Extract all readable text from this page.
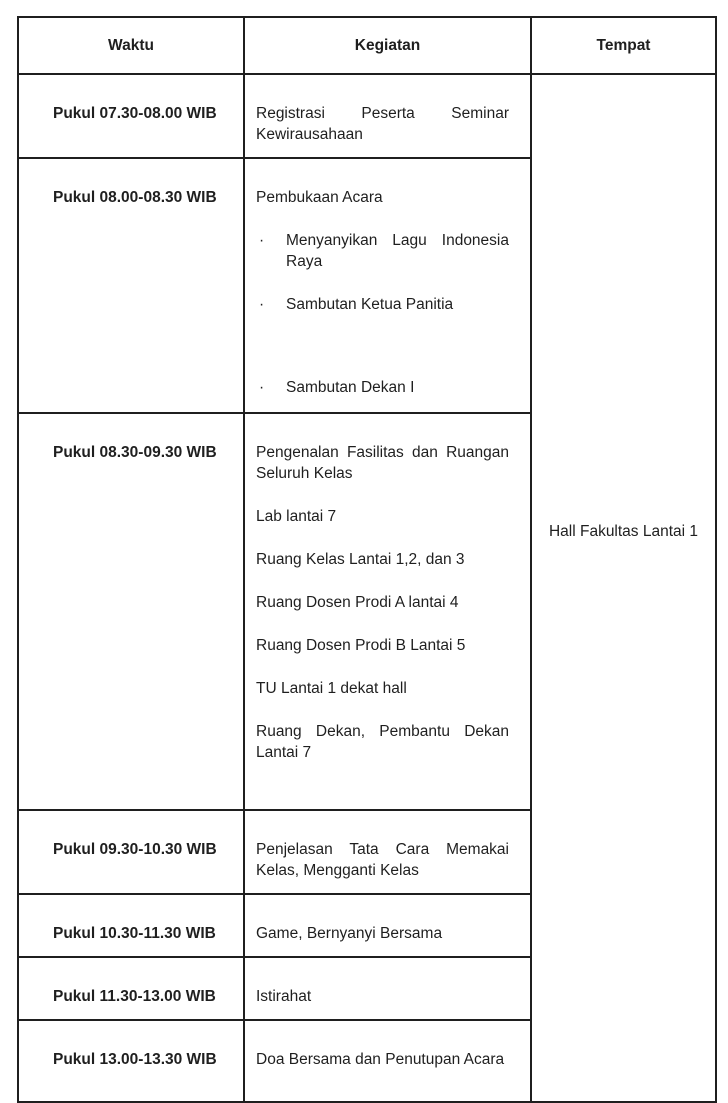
Waktu	Kegiatan	Tempat
Pukul 07.30-08.00 WIB	Registrasi Peserta Seminar Kewirausahaan	Hall Fakultas Lantai 1
Pukul 08.00-08.30 WIB	Pembukaan Acara
· Menyanyikan Lagu Indonesia Raya
· Sambutan Ketua Panitia
· Sambutan Dekan I

Pukul 08.30-09.30 WIB	Pengenalan Fasilitas dan Ruangan Seluruh Kelas
Lab lantai 7
Ruang Kelas Lantai 1,2, dan 3
Ruang Dosen Prodi A lantai 4
Ruang Dosen Prodi B Lantai 5
TU Lantai 1 dekat hall
Ruang Dekan, Pembantu Dekan Lantai 7

Pukul 09.30-10.30 WIB	Penjelasan Tata Cara Memakai Kelas, Mengganti Kelas	

Pukul 10.30-11.30 WIB	Game, Bernyanyi Bersama	

Pukul 11.30-13.00 WIB	Istirahat	

Pukul 13.00-13.30 WIB	Doa Bersama dan Penutupan Acara	
